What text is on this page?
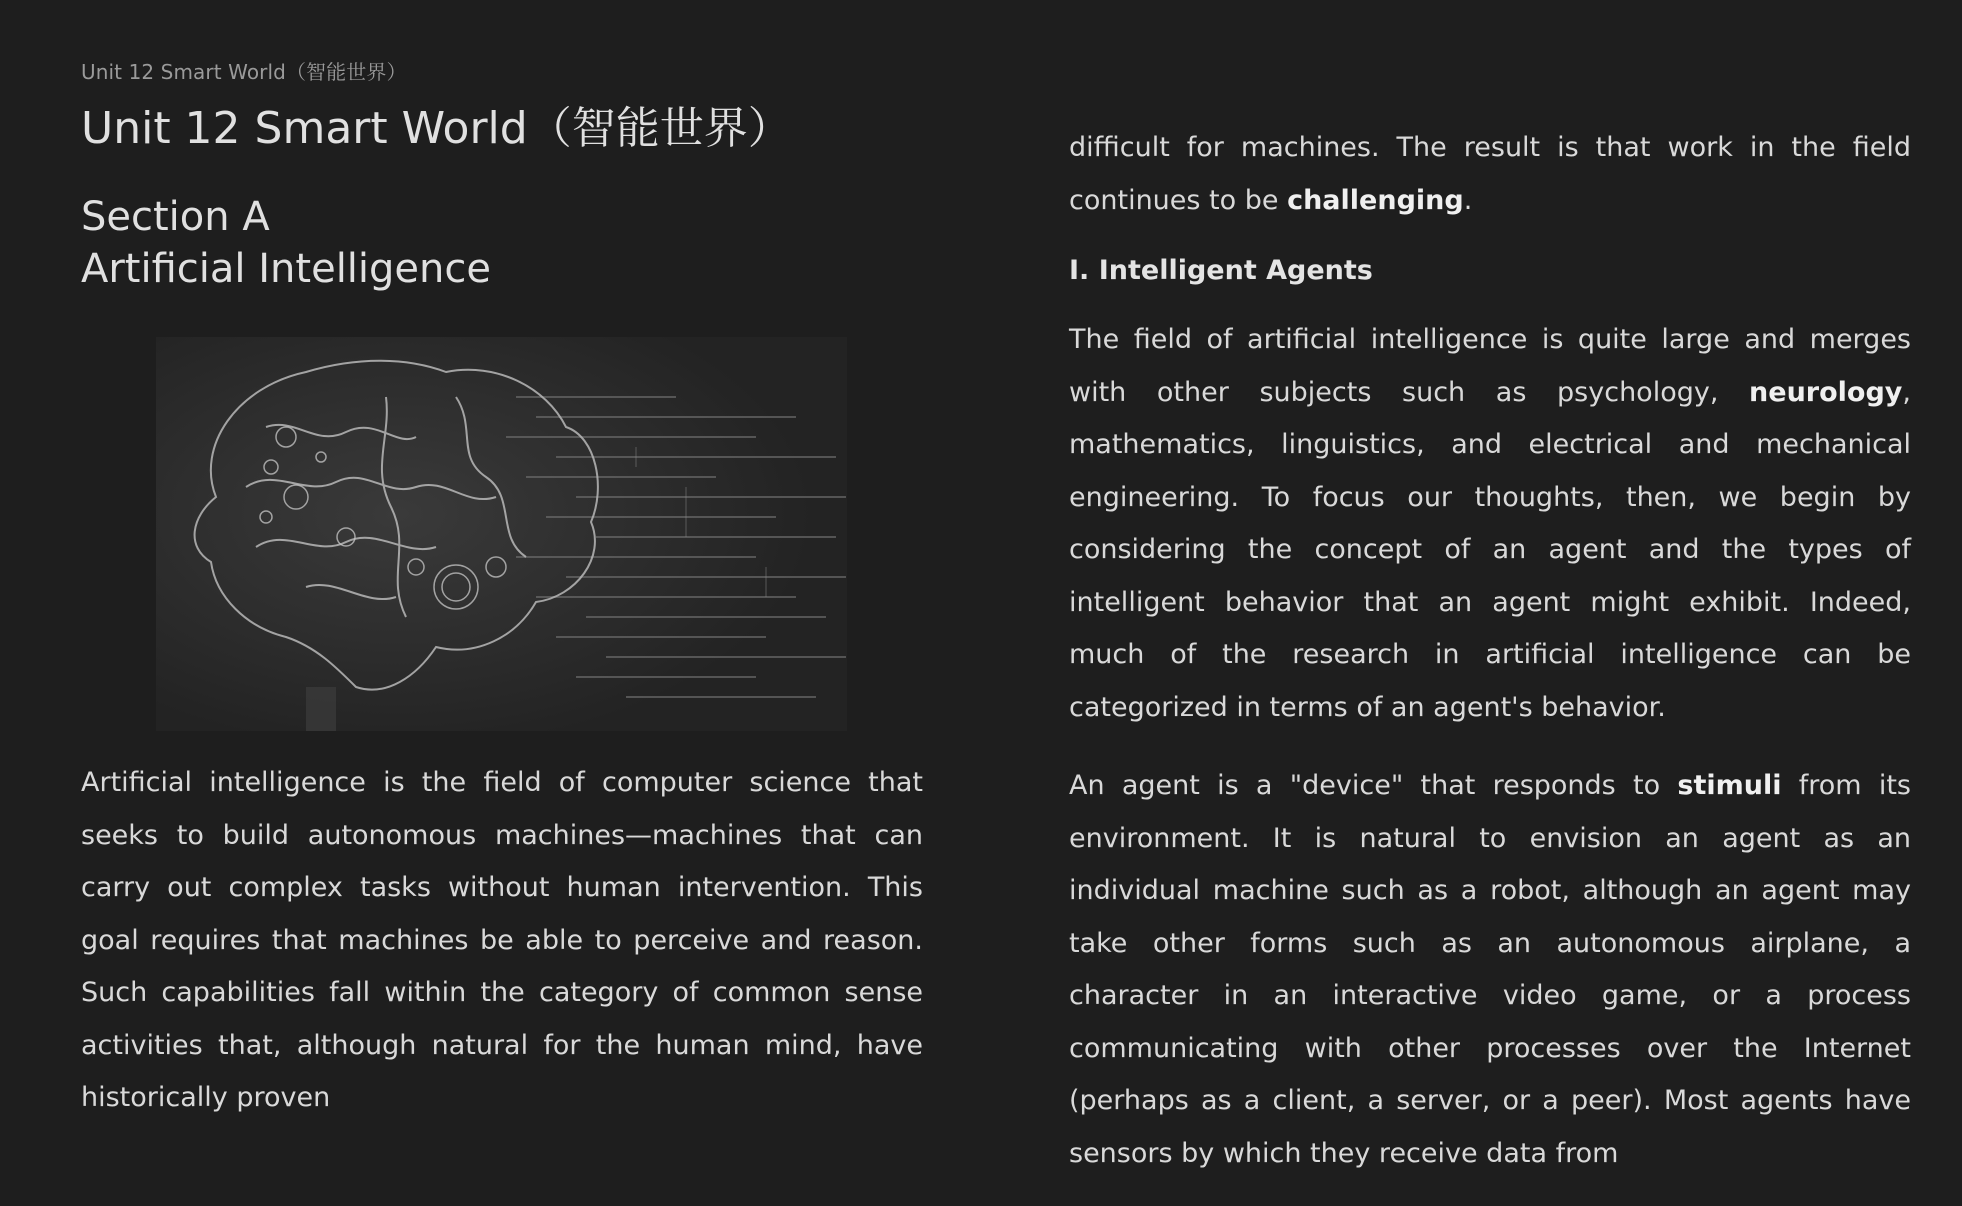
Unit 12 Smart World（智能世界）
Unit 12 Smart World（智能世界）
Section A
Artificial Intelligence

Artificial intelligence is the field of computer science that seeks to build autonomous machines—machines that can carry out complex tasks without human intervention. This goal requires that machines be able to perceive and reason. Such capabilities fall within the category of common sense activities that, although natural for the human mind, have historically proven

difficult for machines. The result is that work in the field continues to be challenging.

I. Intelligent Agents

The field of artificial intelligence is quite large and merges with other subjects such as psychology, neurology, mathematics, linguistics, and electrical and mechanical engineering. To focus our thoughts, then, we begin by considering the concept of an agent and the types of intelligent behavior that an agent might exhibit. Indeed, much of the research in artificial intelligence can be categorized in terms of an agent's behavior.

An agent is a "device" that responds to stimuli from its environment. It is natural to envision an agent as an individual machine such as a robot, although an agent may take other forms such as an autonomous airplane, a character in an interactive video game, or a process communicating with other processes over the Internet (perhaps as a client, a server, or a peer). Most agents have sensors by which they receive data from
